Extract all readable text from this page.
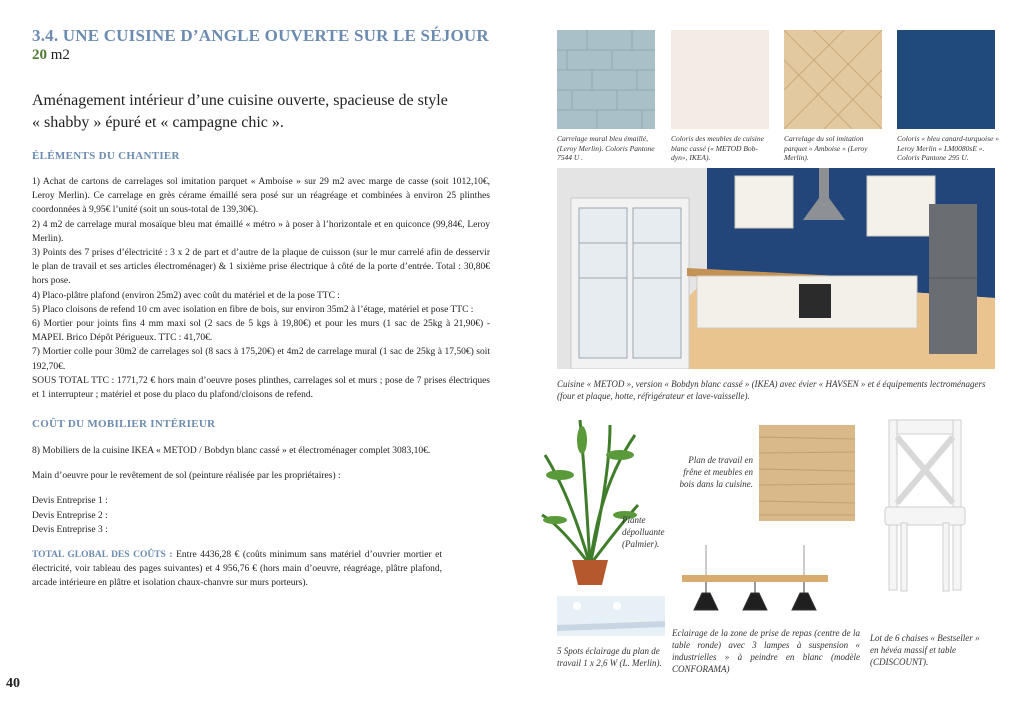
3.4. UNE CUISINE D’ANGLE OUVERTE SUR LE SÉJOUR
20 m2
Aménagement intérieur d’une cuisine ouverte, spacieuse de style
« shabby » épuré et « campagne chic ».
ÉLÉMENTS DU CHANTIER

1) Achat de cartons de carrelages sol imitation parquet « Amboise » sur 29 m2 avec marge de casse (soit 1012,10€, Leroy Merlin). Ce carrelage en grès cérame émaillé sera posé sur un réagréage et combinées à environ 25 plinthes coordonnées à 9,95€ l’unité (soit un sous-total de 139,30€).

2) 4 m2 de carrelage mural mosaïque bleu mat émaillé « métro » à poser à l’horizontale et en quiconce (99,84€, Leroy Merlin).

3) Points des 7 prises d’électricité : 3 x 2 de part et d’autre de la plaque de cuisson (sur le mur carrelé afin de desservir le plan de travail et ses articles électroménager) & 1 sixième prise électrique à côté de la porte d’entrée. Total : 30,80€ hors pose.

4) Placo-plâtre plafond (environ 25m2) avec coût du matériel et de la pose TTC :

5) Placo cloisons de refend 10 cm avec isolation en fibre de bois, sur environ 35m2 à l’étage, matériel et pose TTC :

6) Mortier pour joints fins 4 mm maxi sol (2 sacs de 5 kgs à 19,80€) et pour les murs (1 sac de 25kg à 21,90€) - MAPEI. Brico Dépôt Périgueux. TTC : 41,70€.

7) Mortier colle pour 30m2 de carrelages sol (8 sacs à 175,20€) et 4m2 de carrelage mural (1 sac de 25kg à 17,50€) soit 192,70€.

SOUS TOTAL TTC : 1771,72 € hors main d’oeuvre poses plinthes, carrelages sol et murs ; pose de 7 prises électriques et 1 interrupteur ; matériel et pose du placo du plafond/cloisons de refend.

COÛT DU MOBILIER INTÉRIEUR

8) Mobiliers de la cuisine IKEA « METOD / Bobdyn blanc cassé » et électroménager complet 3083,10€.

Main d’oeuvre pour le revêtement de sol (peinture réalisée par les propriétaires) :

Devis Entreprise 1 :

Devis Entreprise 2 :

Devis Entreprise 3 :

TOTAL GLOBAL DES COÛTS : Entre 4436,28 € (coûts minimum sans matériel d’ouvrier mortier et électricité, voir tableau des pages suivantes) et 4 956,76 € (hors main d’oeuvre, réagréage, plâtre plafond, arcade intérieure en plâtre et isolation chaux-chanvre sur murs porteurs).

40
Carrelage mural bleu émaillé, (Leroy Merlin). Coloris Pantone 7544 U .
Coloris des meubles de cuisine blanc cassé (« METOD Bob-dyn», IKEA).
Carrelage du sol imitation parquet « Amboise » (Leroy Merlin).
Coloris « bleu canard-turquoise » Leroy Merlin « LM0080sE ». Coloris Pantone 295 U.
Cuisine « METOD », version « Bobdyn blanc cassé » (IKEA) avec évier « HAVSEN » et é équipements lectroménagers (four et plaque, hotte, réfrigérateur et lave-vaisselle).
Plante dépolluante (Palmier).
Plan de travail en frêne et meubles en bois dans la cuisine.
5 Spots éclairage du plan de travail 1 x 2,6 W (L. Merlin).
Eclairage de la zone de prise de repas (centre de la table ronde) avec 3 lampes à suspension « industrielles » à peindre en blanc (modèle CONFORAMA)
Lot de 6 chaises « Bestseller » en hévéa massif et table (CDISCOUNT).
